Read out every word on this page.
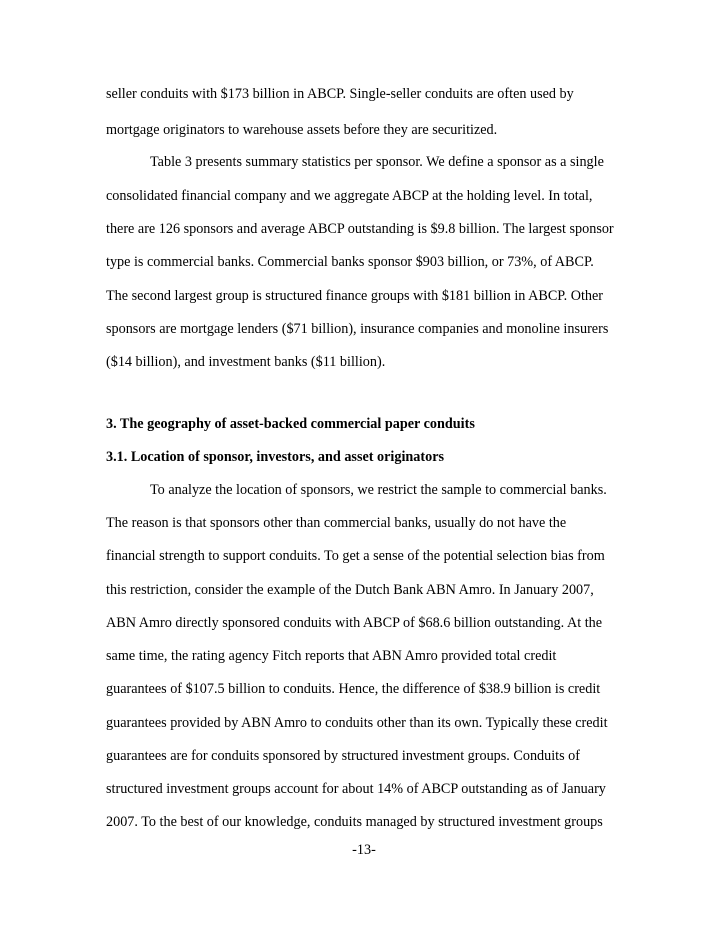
seller conduits with $173 billion in ABCP. Single-seller conduits are often used by
mortgage originators to warehouse assets before they are securitized.
Table 3 presents summary statistics per sponsor. We define a sponsor as a single
consolidated financial company and we aggregate ABCP at the holding level. In total,
there are 126 sponsors and average ABCP outstanding is $9.8 billion. The largest sponsor
type is commercial banks. Commercial banks sponsor $903 billion, or 73%, of ABCP.
The second largest group is structured finance groups with $181 billion in ABCP. Other
sponsors are mortgage lenders ($71 billion), insurance companies and monoline insurers
($14 billion), and investment banks ($11 billion).
3. The geography of asset-backed commercial paper conduits
3.1. Location of sponsor, investors, and asset originators
To analyze the location of sponsors, we restrict the sample to commercial banks.
The reason is that sponsors other than commercial banks, usually do not have the
financial strength to support conduits. To get a sense of the potential selection bias from
this restriction, consider the example of the Dutch Bank ABN Amro. In January 2007,
ABN Amro directly sponsored conduits with ABCP of $68.6 billion outstanding. At the
same time, the rating agency Fitch reports that ABN Amro provided total credit
guarantees of $107.5 billion to conduits. Hence, the difference of $38.9 billion is credit
guarantees provided by ABN Amro to conduits other than its own. Typically these credit
guarantees are for conduits sponsored by structured investment groups. Conduits of
structured investment groups account for about 14% of ABCP outstanding as of January
2007. To the best of our knowledge, conduits managed by structured investment groups
-13-
